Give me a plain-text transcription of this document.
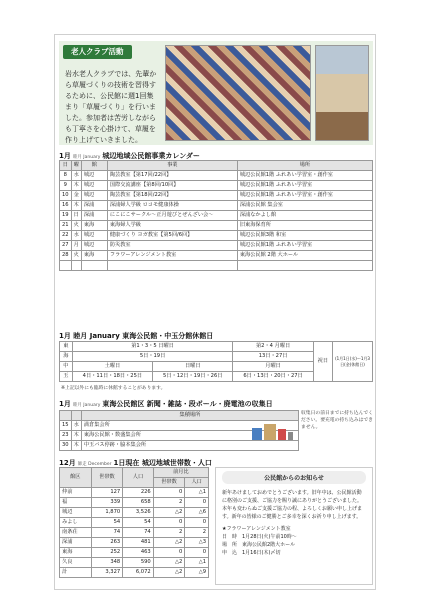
老人クラブ活動
岩水老人クラブでは、先輩から草履づくりの技術を習得するために、公民館に週1回集まり「草履づくり」を行いました。参加者は苦労しながらも丁寧さを心掛けて、草履を作り上げていきました。
1月 睦月 January 城辺地域公民館事業カレンダー
日	曜	館	事業	場所
8	水	城辺	陶芸教室【第17回/22回】	城辺公民館1階 ふれあい学習室・創作室
9	木	城辺	国際交流講座【第8回/10回】	城辺公民館1階 ふれあい学習室
10	金	城辺	陶芸教室【第18回/22回】	城辺公民館1階 ふれあい学習室・創作室
16	木	深浦	深浦婦人学級 ロコモ健康体操	深浦公民館 集会室
19	日	深浦	にこにこサークル～正月遊びとぜんざい会～	深浦なかよし館
21	火	東海	東海婦人学級	旧東海保育所
22	水	城辺	健康づくり ヨガ教室【第5回/6回】	城辺公民館3階 和室
27	月	城辺	防災教室	城辺公民館1階 ふれあい学習室
28	火	東海	フラワーアレンジメント教室	東海公民館 2階 大ホール

1月 睦月 January 東海公民館・中玉分館休館日
東	第1・3・5 日曜日		第2・4 月曜日	祝日	(1月1日(水)～1月3日(金)休館日)
海	5日・19日		13日・27日		
中	土曜日	日曜日	月曜日		
玉	4日・11日・18日・25日	5日・12日・19日・26日	6日・13日・20日・27日		
※上記以外にも臨時に休館することがあります。
1月 睦月 January 東海公民館区 新聞・雑誌・段ボール・廃電池の収集日
		集積場所
15	水	満倉集会所
23	木	東海公民館・数盛集会所
30	木	中玉バス停跡・脇本集会所
収集日の前日までに持ち込んでください。要充電の持ち込みはできません。
12月 師走 December 1日現在 城辺地域世帯数・人口
館区	世帯数	人口	前月比	
			世帯数	人口
仲前	127	226	0	△1
福	339	658	2	0
城辺	1,870	3,526	△2	△6
みよし	54	54	0	0
南条荘	74	74	2	2
深浦	263	481	△2	△3
東海	252	463	0	0
久良	348	590	△2	△1
計	3,327	6,072	△2	△9
公民館からのお知らせ
新年あけましておめでとうございます。旧年中は、公民館活動に格別のご支援、ご協力を賜り誠にありがとうございました。本年も変わらぬご支援ご協力の程、よろしくお願い申し上げます。新年の皆様のご健勝とご多幸を深くお祈り申し上げます。
★フラワーアレンジメント教室
日　時　1月28日(火)午前10時～
場　所　東海公民館2階大ホール
申　込　1月16日(木)〆切
